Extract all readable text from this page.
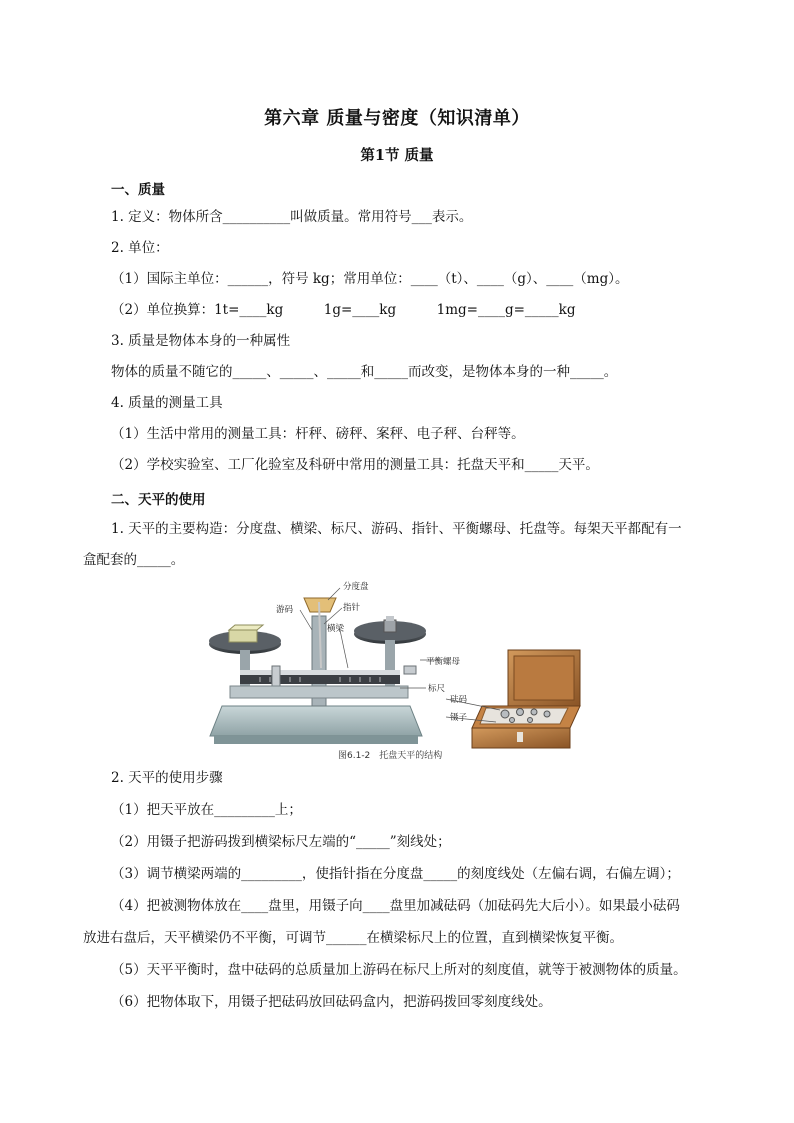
第六章 质量与密度（知识清单）
第1节 质量
一、质量
1. 定义：物体所含__________叫做质量。常用符号___表示。
2. 单位：
（1）国际主单位：______，符号 kg；常用单位：____（t）、____（g）、____（mg）。
（2）单位换算：1t=____kg　　　1g=____kg　　　1mg=____g=_____kg
3. 质量是物体本身的一种属性
物体的质量不随它的_____、_____、_____和_____而改变，是物体本身的一种_____。
4. 质量的测量工具
（1）生活中常用的测量工具：杆秤、磅秤、案秤、电子秤、台秤等。
（2）学校实验室、工厂化验室及科研中常用的测量工具：托盘天平和_____天平。
二、天平的使用
1. 天平的主要构造：分度盘、横梁、标尺、游码、指针、平衡螺母、托盘等。每架天平都配有一
盒配套的_____。
分度盘
游码	指针
横梁
平衡螺母
标尺
砝码
镊子
图6.1-2　托盘天平的结构
2. 天平的使用步骤
（1）把天平放在_________上；
（2）用镊子把游码拨到横梁标尺左端的“_____”刻线处；
（3）调节横梁两端的_________，使指针指在分度盘_____的刻度线处（左偏右调，右偏左调）；
（4）把被测物体放在____盘里，用镊子向____盘里加减砝码（加砝码先大后小）。如果最小砝码
放进右盘后，天平横梁仍不平衡，可调节______在横梁标尺上的位置，直到横梁恢复平衡。
（5）天平平衡时，盘中砝码的总质量加上游码在标尺上所对的刻度值，就等于被测物体的质量。
（6）把物体取下，用镊子把砝码放回砝码盒内，把游码拨回零刻度线处。
